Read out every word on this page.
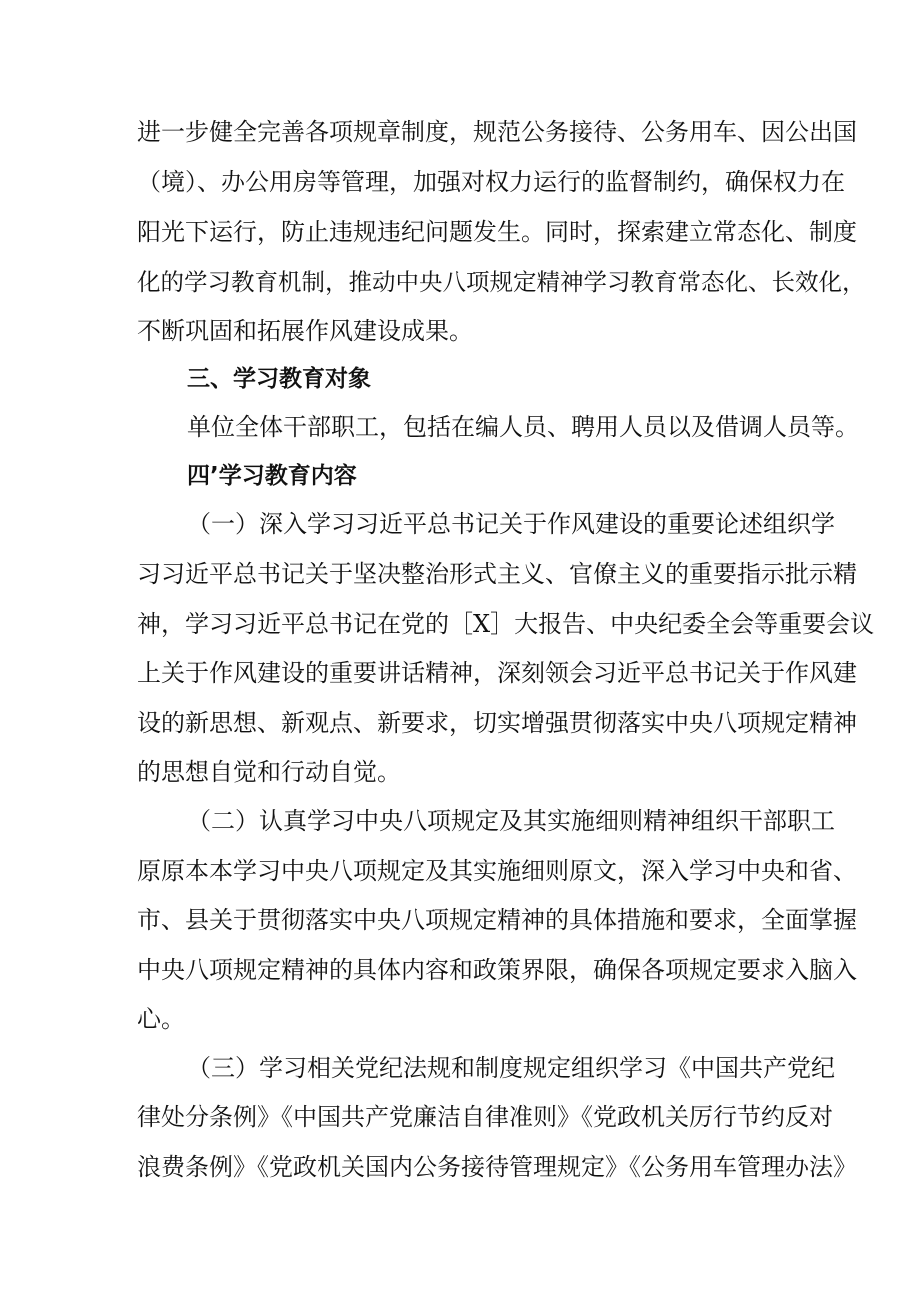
进一步健全完善各项规章制度，规范公务接待、公务用车、因公出国
（境）、办公用房等管理，加强对权力运行的监督制约，确保权力在
阳光下运行，防止违规违纪问题发生。同时，探索建立常态化、制度
化的学习教育机制，推动中央八项规定精神学习教育常态化、长效化，
不断巩固和拓展作风建设成果。
三、学习教育对象
单位全体干部职工，包括在编人员、聘用人员以及借调人员等。
四’学习教育内容
（一）深入学习习近平总书记关于作风建设的重要论述组织学
习习近平总书记关于坚决整治形式主义、官僚主义的重要指示批示精
神，学习习近平总书记在党的［X］大报告、中央纪委全会等重要会议
上关于作风建设的重要讲话精神，深刻领会习近平总书记关于作风建
设的新思想、新观点、新要求，切实增强贯彻落实中央八项规定精神
的思想自觉和行动自觉。
（二）认真学习中央八项规定及其实施细则精神组织干部职工
原原本本学习中央八项规定及其实施细则原文，深入学习中央和省、
市、县关于贯彻落实中央八项规定精神的具体措施和要求，全面掌握
中央八项规定精神的具体内容和政策界限，确保各项规定要求入脑入
心。
（三）学习相关党纪法规和制度规定组织学习《中国共产党纪
律处分条例》《中国共产党廉洁自律准则》《党政机关厉行节约反对
浪费条例》《党政机关国内公务接待管理规定》《公务用车管理办法》
